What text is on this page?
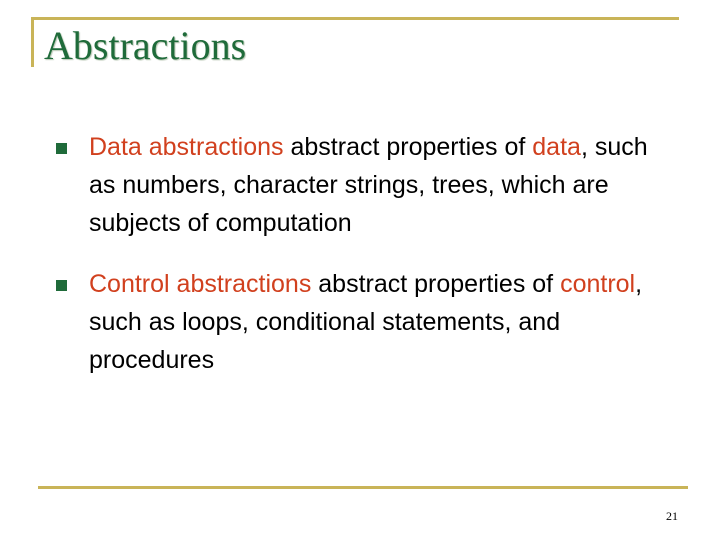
Abstractions
Data abstractions abstract properties of data, such as numbers, character strings, trees, which are subjects of computation
Control abstractions abstract properties of control, such as loops, conditional statements, and procedures
21
